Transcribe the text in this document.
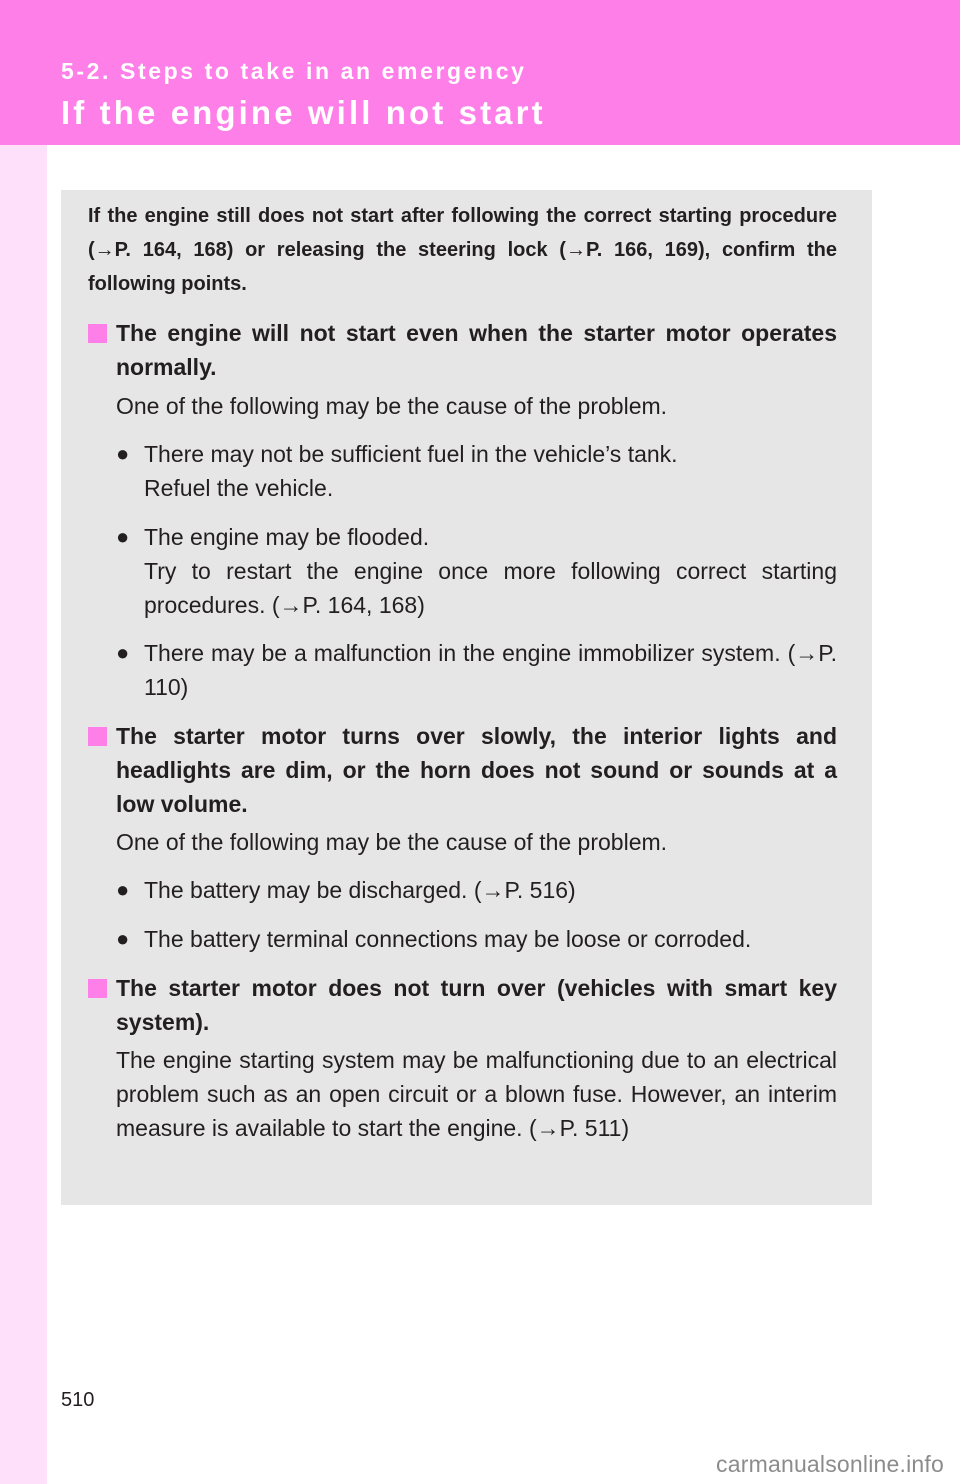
5-2. Steps to take in an emergency
If the engine will not start
If the engine still does not start after following the correct starting procedure (→P. 164, 168) or releasing the steering lock (→P. 166, 169), confirm the following points.
The engine will not start even when the starter motor operates normally.
One of the following may be the cause of the problem.
● There may not be sufficient fuel in the vehicle’s tank.
Refuel the vehicle.
● The engine may be flooded.
Try to restart the engine once more following correct starting procedures. (→P. 164, 168)
● There may be a malfunction in the engine immobilizer system. (→P. 110)
The starter motor turns over slowly, the interior lights and headlights are dim, or the horn does not sound or sounds at a low volume.
One of the following may be the cause of the problem.
● The battery may be discharged. (→P. 516)
● The battery terminal connections may be loose or corroded.
The starter motor does not turn over (vehicles with smart key system).
The engine starting system may be malfunctioning due to an electrical problem such as an open circuit or a blown fuse. However, an interim measure is available to start the engine. (→P. 511)
510
carmanualsonline.info
